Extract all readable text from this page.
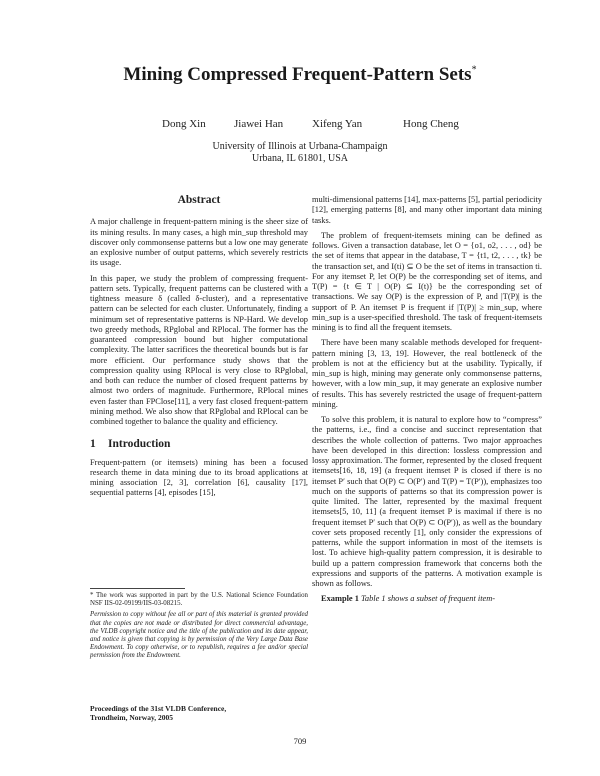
Mining Compressed Frequent-Pattern Sets*
Dong Xin	Jiawei Han	Xifeng Yan	Hong Cheng
University of Illinois at Urbana-Champaign
Urbana, IL 61801, USA
Abstract

A major challenge in frequent-pattern mining is the sheer size of its mining results. In many cases, a high min_sup threshold may discover only commonsense patterns but a low one may generate an explosive number of output patterns, which severely restricts its usage.

In this paper, we study the problem of compressing frequent-pattern sets. Typically, frequent patterns can be clustered with a tightness measure δ (called δ-cluster), and a representative pattern can be selected for each cluster. Unfortunately, finding a minimum set of representative patterns is NP-Hard. We develop two greedy methods, RPglobal and RPlocal. The former has the guaranteed compression bound but higher computational complexity. The latter sacrifices the theoretical bounds but is far more efficient. Our performance study shows that the compression quality using RPlocal is very close to RPglobal, and both can reduce the number of closed frequent patterns by almost two orders of magnitude. Furthermore, RPlocal mines even faster than FPClose[11], a very fast closed frequent-pattern mining method. We also show that RPglobal and RPlocal can be combined together to balance the quality and efficiency.

1 Introduction

Frequent-pattern (or itemsets) mining has been a focused research theme in data mining due to its broad applications at mining association [2, 3], correlation [6], causality [17], sequential patterns [4], episodes [15],

* The work was supported in part by the U.S. National Science Foundation NSF IIS-02-09199/IIS-03-08215.

Permission to copy without fee all or part of this material is granted provided that the copies are not made or distributed for direct commercial advantage, the VLDB copyright notice and the title of the publication and its date appear, and notice is given that copying is by permission of the Very Large Data Base Endowment. To copy otherwise, or to republish, requires a fee and/or special permission from the Endowment.

Proceedings of the 31st VLDB Conference,
Trondheim, Norway, 2005

multi-dimensional patterns [14], max-patterns [5], partial periodicity [12], emerging patterns [8], and many other important data mining tasks.

The problem of frequent-itemsets mining can be defined as follows. Given a transaction database, let O = {o1, o2, . . . , od} be the set of items that appear in the database, T = {t1, t2, . . . , tk} be the transaction set, and I(ti) ⊆ O be the set of items in transaction ti. For any itemset P, let O(P) be the corresponding set of items, and T(P) = {t ∈ T | O(P) ⊆ I(t)} be the corresponding set of transactions. We say O(P) is the expression of P, and |T(P)| is the support of P. An itemset P is frequent if |T(P)| ≥ min_sup, where min_sup is a user-specified threshold. The task of frequent-itemsets mining is to find all the frequent itemsets.

There have been many scalable methods developed for frequent-pattern mining [3, 13, 19]. However, the real bottleneck of the problem is not at the efficiency but at the usability. Typically, if min_sup is high, mining may generate only commonsense patterns, however, with a low min_sup, it may generate an explosive number of results. This has severely restricted the usage of frequent-pattern mining.

To solve this problem, it is natural to explore how to “compress” the patterns, i.e., find a concise and succinct representation that describes the whole collection of patterns. Two major approaches have been developed in this direction: lossless compression and lossy approximation. The former, represented by the closed frequent itemsets[16, 18, 19] (a frequent itemset P is closed if there is no itemset P′ such that O(P) ⊂ O(P′) and T(P) = T(P′)), emphasizes too much on the supports of patterns so that its compression power is quite limited. The latter, represented by the maximal frequent itemsets[5, 10, 11] (a frequent itemset P is maximal if there is no frequent itemset P′ such that O(P) ⊂ O(P′)), as well as the boundary cover sets proposed recently [1], only consider the expressions of patterns, while the support information in most of the itemsets is lost. To achieve high-quality pattern compression, it is desirable to build up a pattern compression framework that concerns both the expressions and supports of the patterns. A motivation example is shown as follows.

Example 1 Table 1 shows a subset of frequent item-

709
